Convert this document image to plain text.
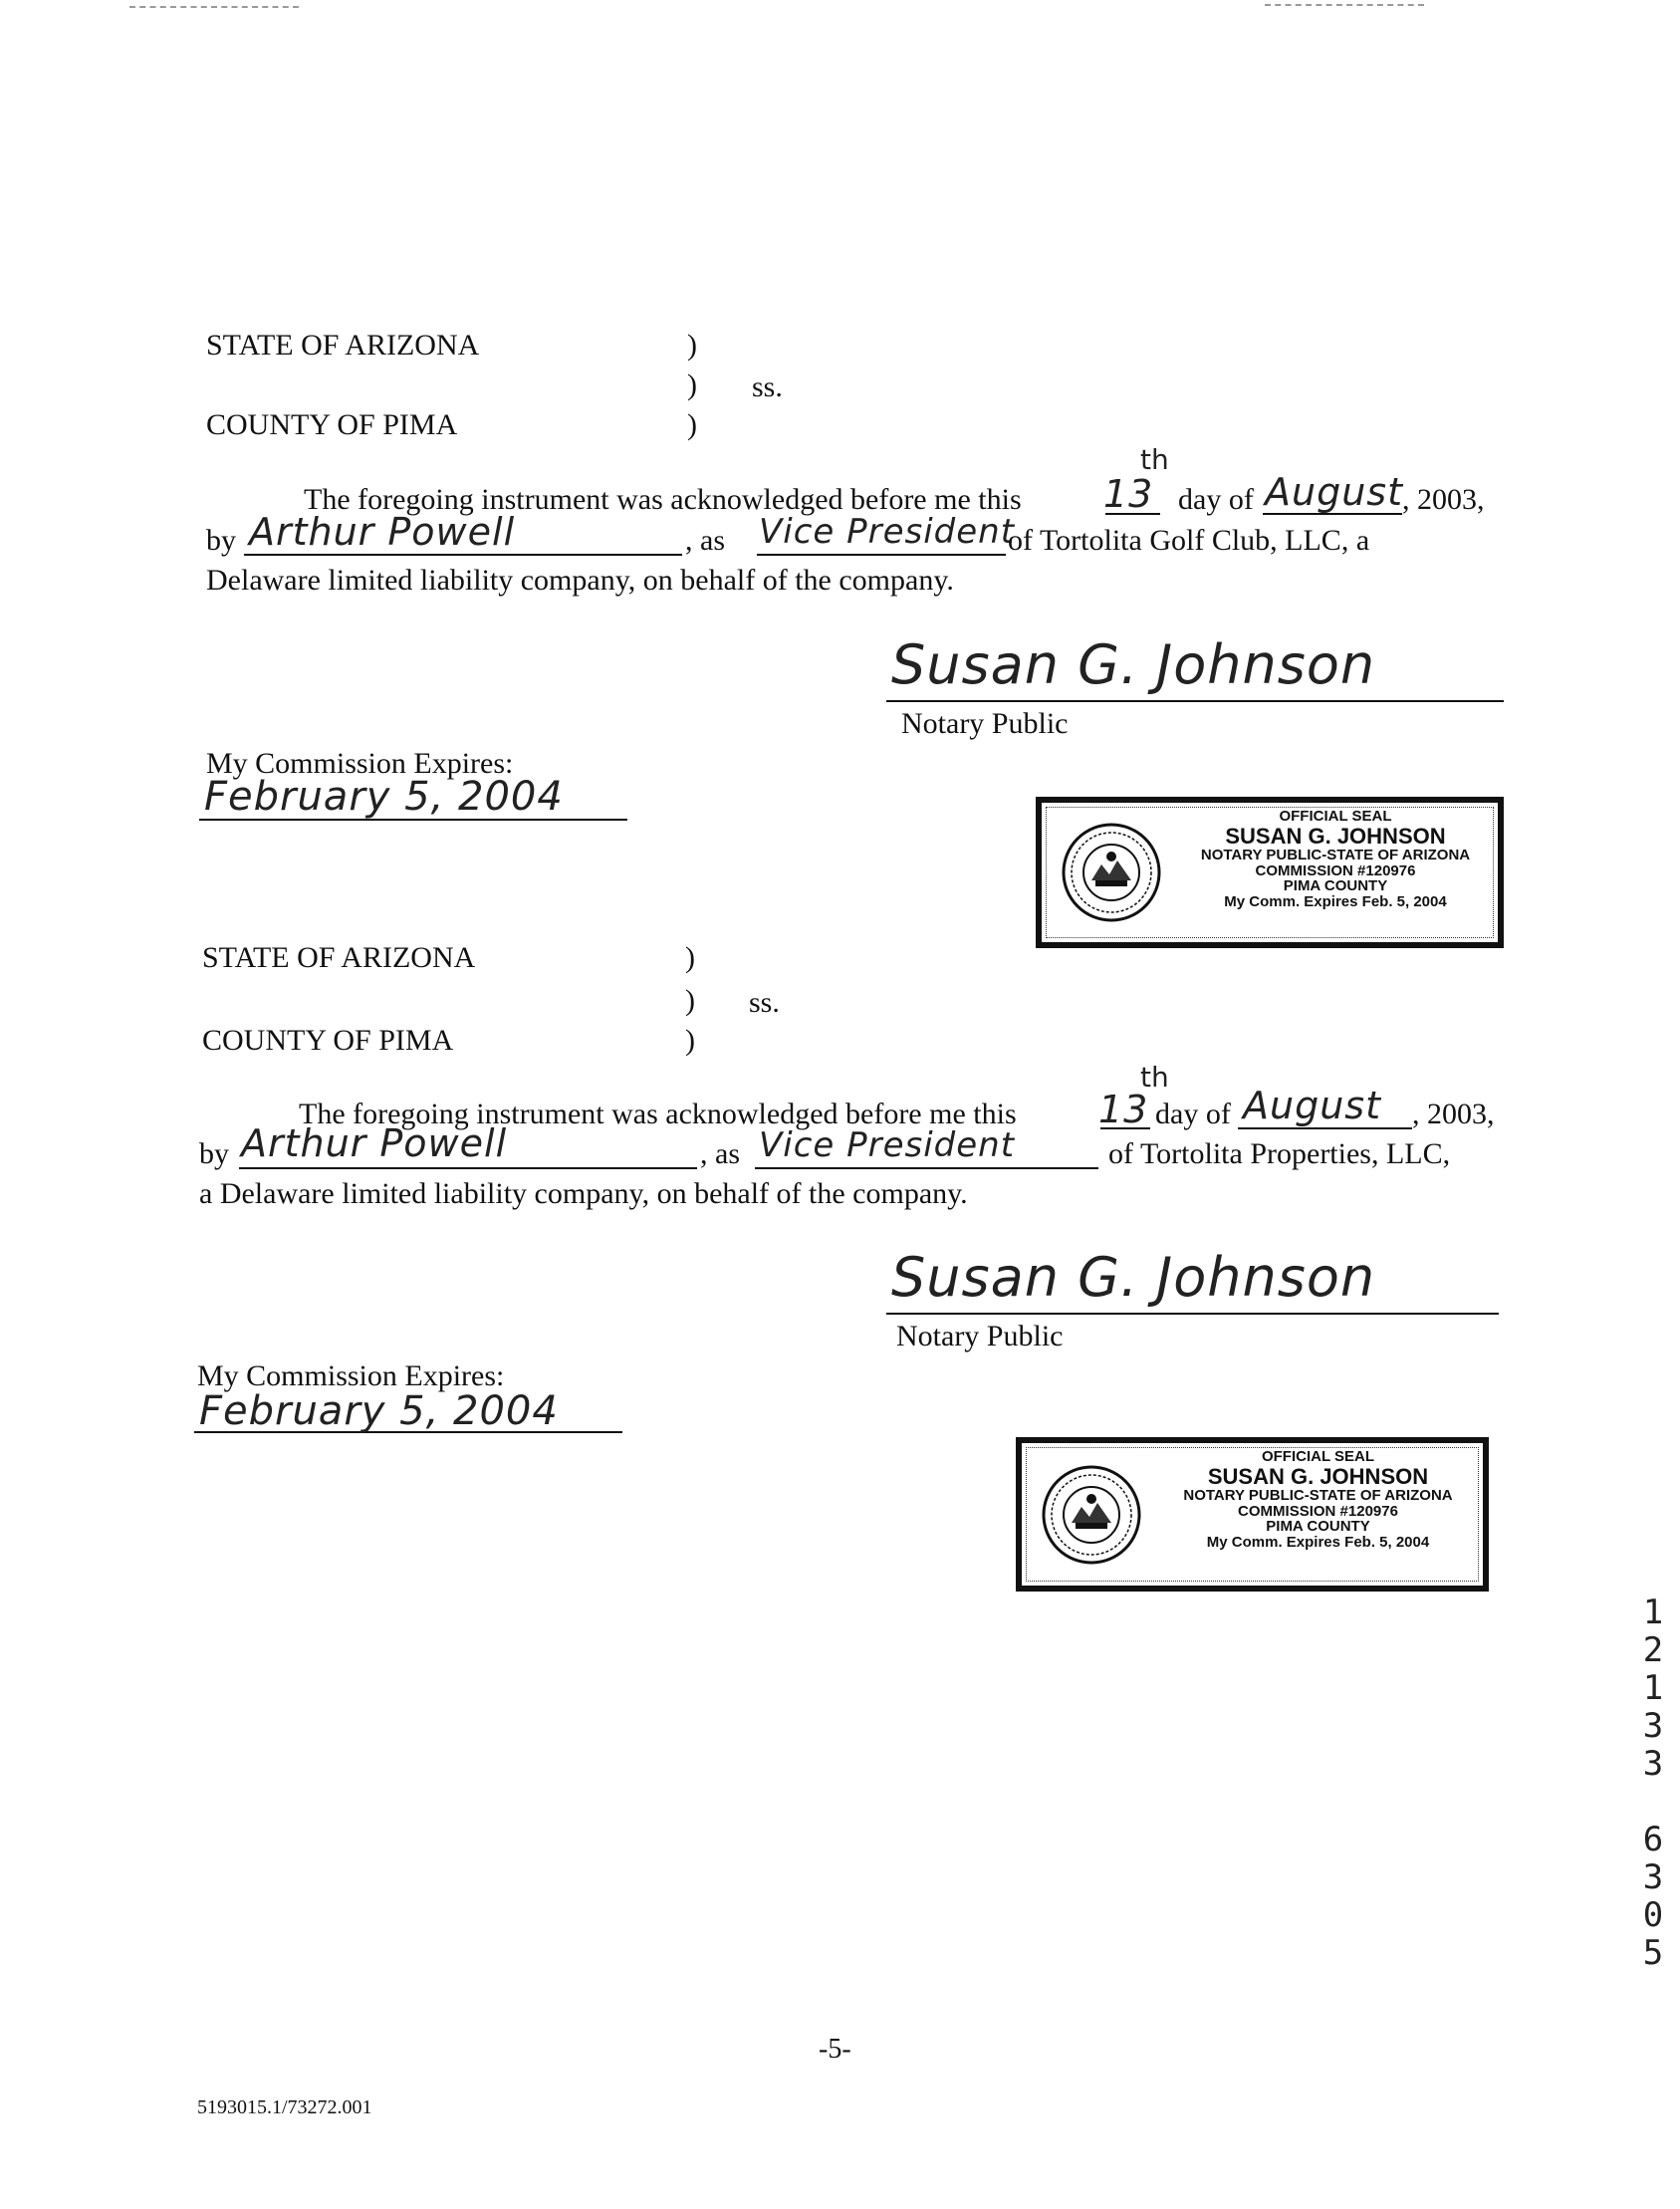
STATE OF ARIZONA	)
) ss.
COUNTY OF PIMA	)
The foregoing instrument was acknowledged before me this 13
th
day of August , 2003,
by Arthur Powell	, as Vice President
of Tortolita Golf Club, LLC, a
Delaware limited liability company, on behalf of the company.
Susan G. Johnson
Notary Public
My Commission Expires:
February 5, 2004	OFFICIAL SEAL
SUSAN G. JOHNSON
NOTARY PUBLIC-STATE OF ARIZONA
COMMISSION #120976
PIMA COUNTY
My Comm. Expires Feb. 5, 2004
STATE OF ARIZONA	)
) ss.
COUNTY OF PIMA	)
The foregoing instrument was acknowledged before me this 13
th
day of August , 2003,
by Arthur Powell	, as Vice President	of Tortolita Properties, LLC,
a Delaware limited liability company, on behalf of the company.
Susan G. Johnson
Notary Public
My Commission Expires:
February 5, 2004
OFFICIAL SEAL
SUSAN G. JOHNSON
NOTARY PUBLIC-STATE OF ARIZONA
COMMISSION #120976
PIMA COUNTY
My Comm. Expires Feb. 5, 2004
1
2
1
3
3
6
3
0
5
-5-
5193015.1/73272.001
